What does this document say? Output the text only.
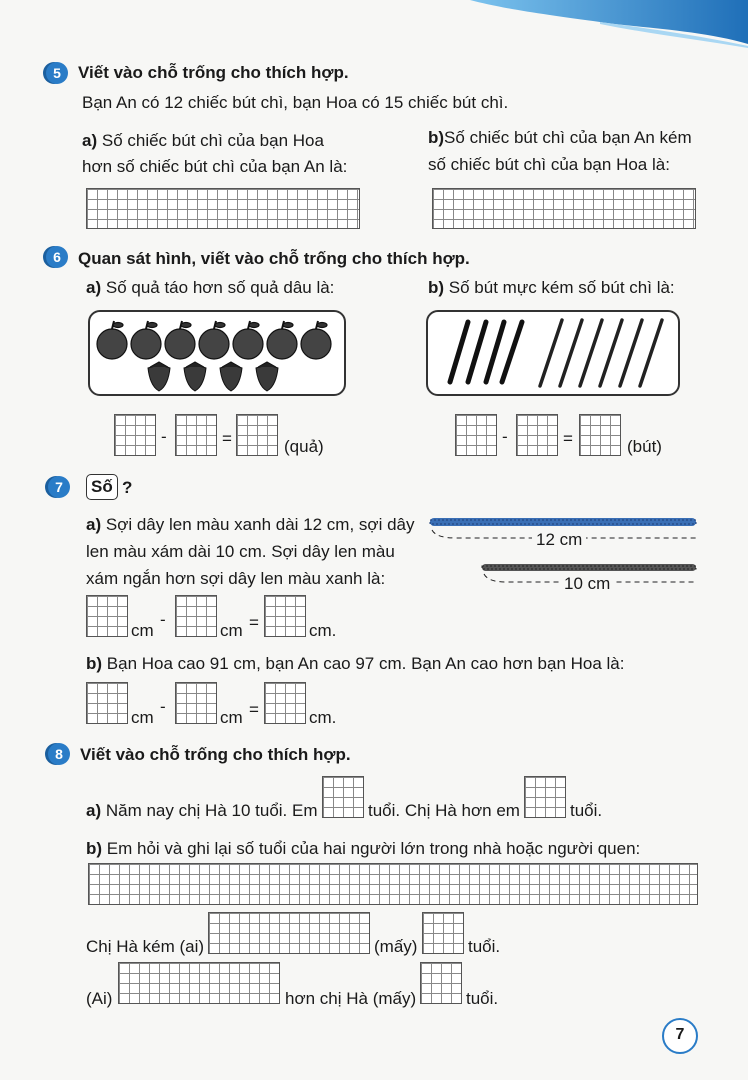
5	Viết vào chỗ trống cho thích hợp.
Bạn An có 12 chiếc bút chì, bạn Hoa có 15 chiếc bút chì.
a) Số chiếc bút chì của bạn Hoa
hơn số chiếc bút chì của bạn An là:
b)Số chiếc bút chì của bạn An kém
số chiếc bút chì của bạn Hoa là:
6	Quan sát hình, viết vào chỗ trống cho thích hợp.
a) Số quả táo hơn số quả dâu là:	b) Số bút mực kém số bút chì là:
-	=	(quả)
-	=	(bút)
7	Số ?
a) Sợi dây len màu xanh dài 12 cm, sợi dây
len màu xám dài 10 cm. Sợi dây len màu
xám ngắn hơn sợi dây len màu xanh là:
12 cm
10 cm
cm
-
cm =	cm.
b) Bạn Hoa cao 91 cm, bạn An cao 97 cm. Bạn An cao hơn bạn Hoa là:
cm
-
cm =	cm.
8	Viết vào chỗ trống cho thích hợp.
a) Năm nay chị Hà 10 tuổi. Em	tuổi. Chị Hà hơn em	tuổi.
b) Em hỏi và ghi lại số tuổi của hai người lớn trong nhà hoặc người quen:
Chị Hà kém (ai)	(mấy)	tuổi.
(Ai)	hơn chị Hà (mấy)	tuổi.
7
